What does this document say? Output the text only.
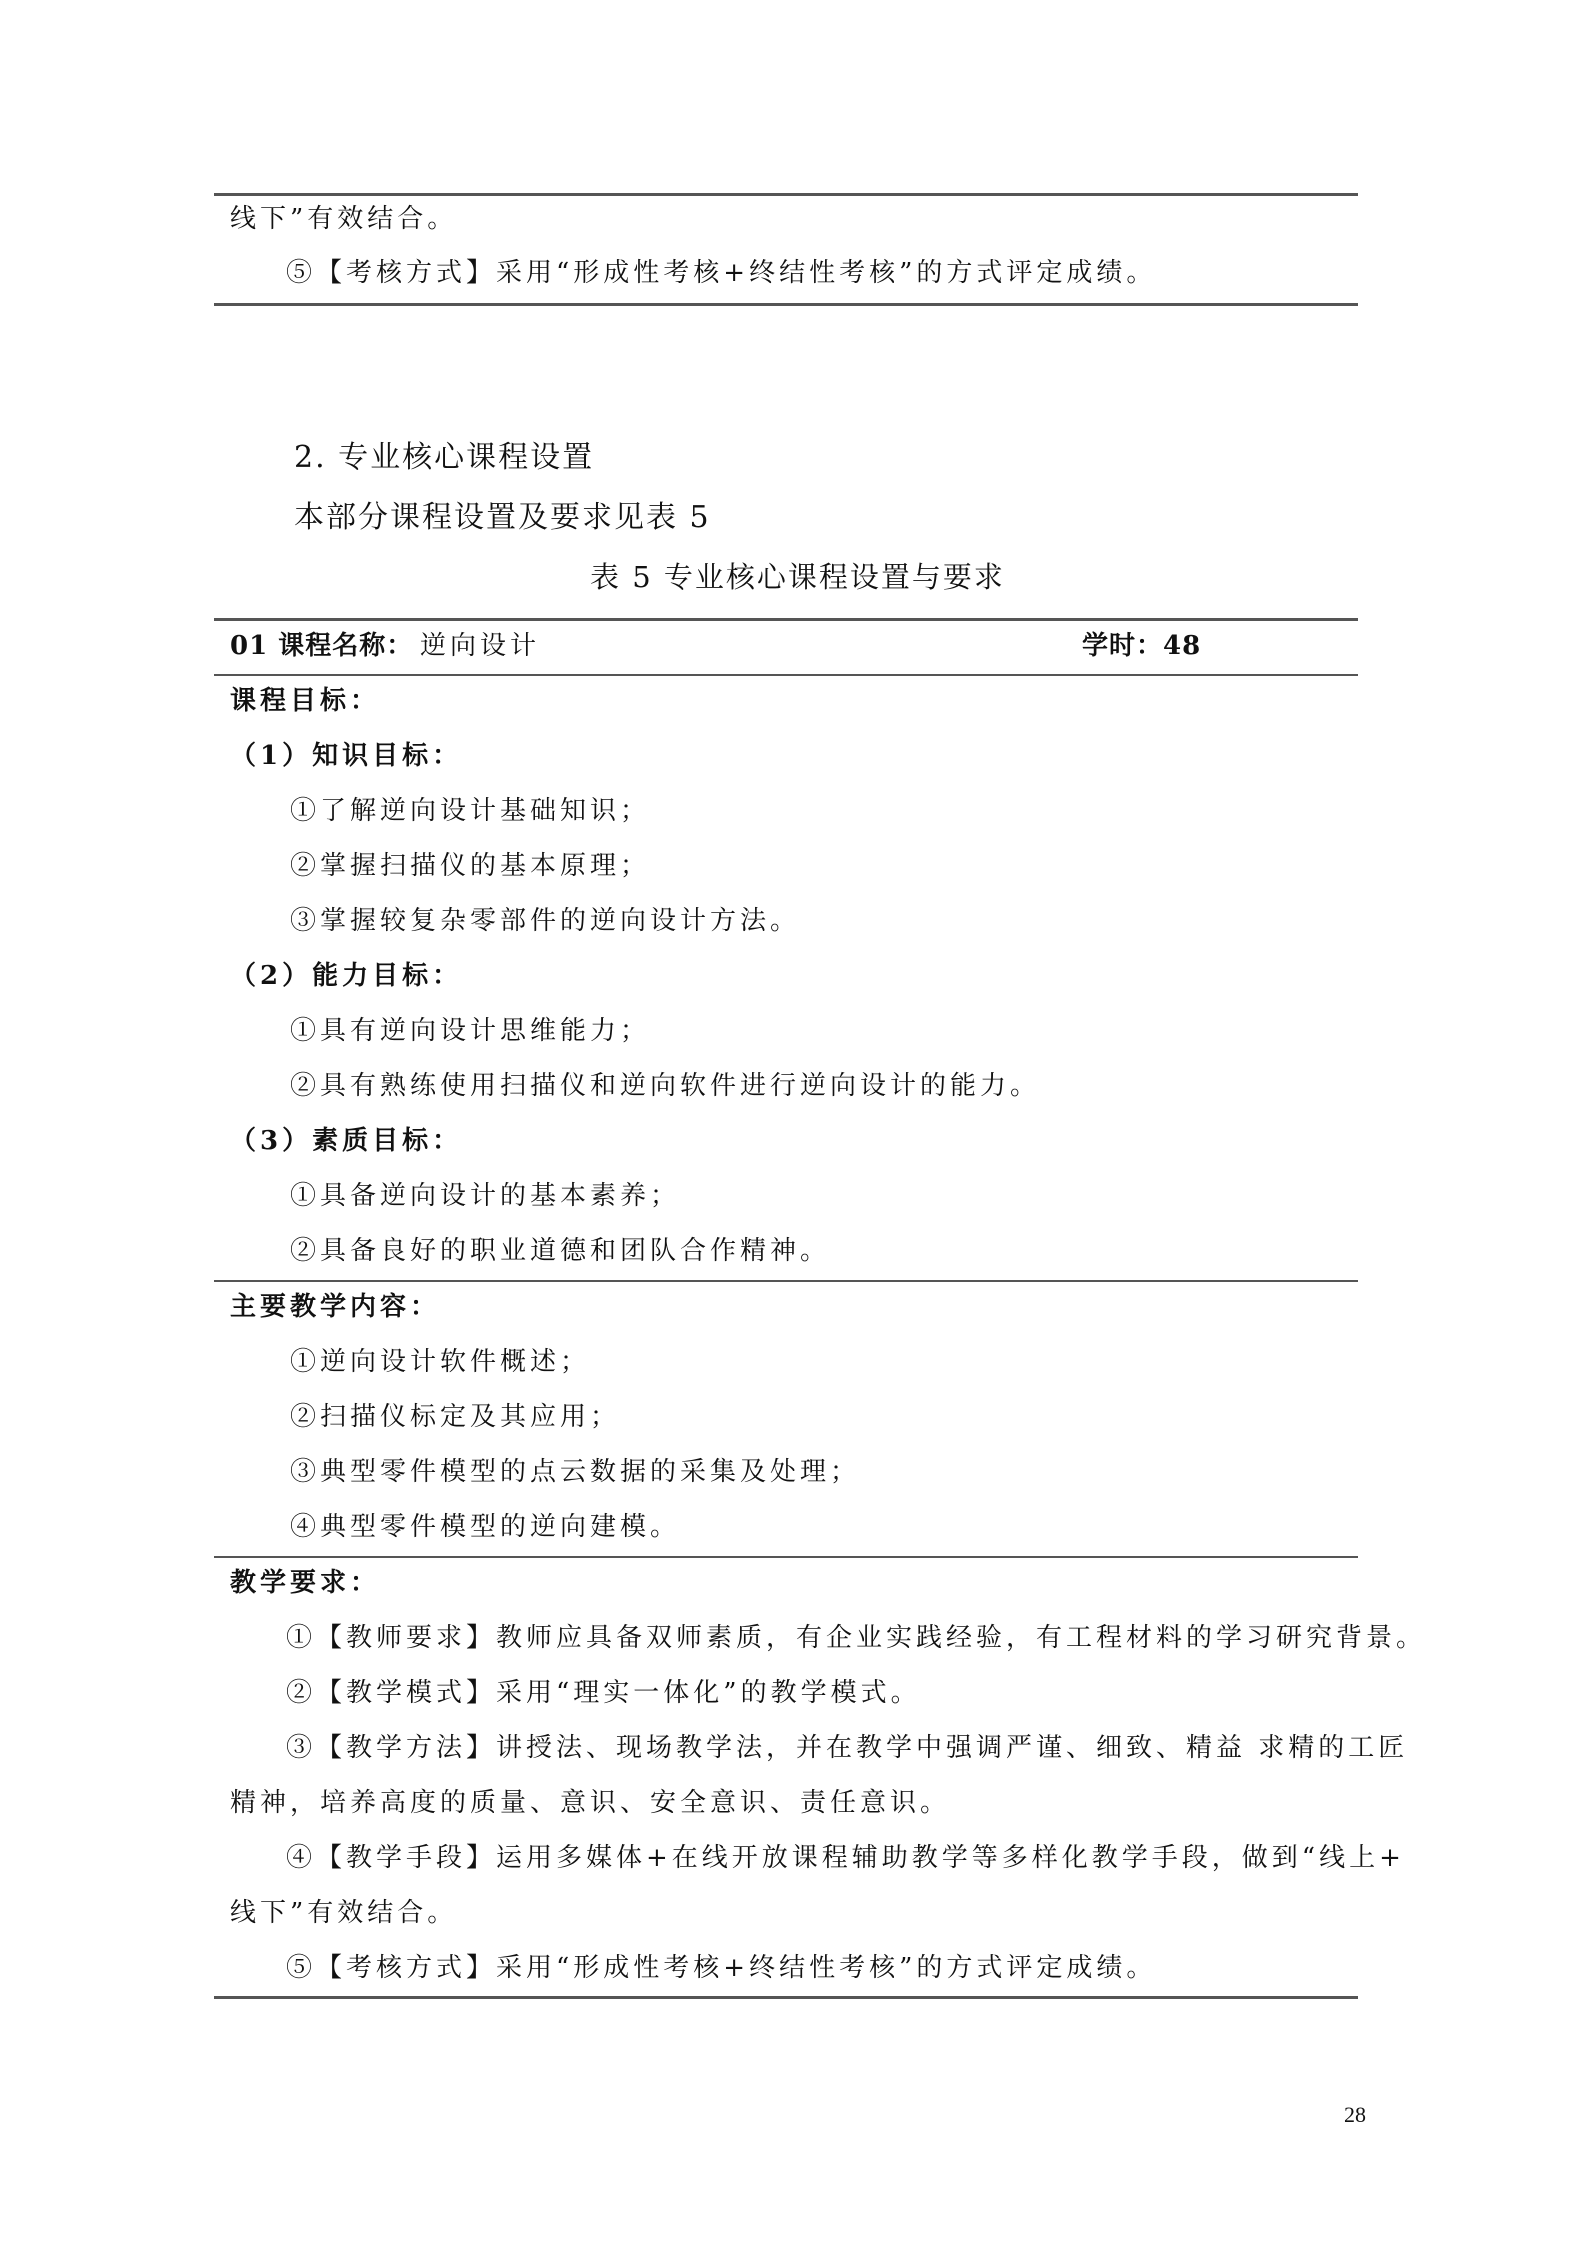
线下”有效结合。
⑤【考核方式】采用“形成性考核+终结性考核”的方式评定成绩。
2. 专业核心课程设置
本部分课程设置及要求见表 5
表 5 专业核心课程设置与要求
01 课程名称： 逆向设计	学时：48
课程目标：
（1）知识目标：
①了解逆向设计基础知识；
②掌握扫描仪的基本原理；
③掌握较复杂零部件的逆向设计方法。
（2）能力目标：
①具有逆向设计思维能力；
②具有熟练使用扫描仪和逆向软件进行逆向设计的能力。
（3）素质目标：
①具备逆向设计的基本素养；
②具备良好的职业道德和团队合作精神。
主要教学内容：
①逆向设计软件概述；
②扫描仪标定及其应用；
③典型零件模型的点云数据的采集及处理；
④典型零件模型的逆向建模。
教学要求：
①【教师要求】教师应具备双师素质，有企业实践经验，有工程材料的学习研究背景。
②【教学模式】采用“理实一体化”的教学模式。
③【教学方法】讲授法、现场教学法，并在教学中强调严谨、细致、精益 求精的工匠
精神，培养高度的质量、意识、安全意识、责任意识。
④【教学手段】运用多媒体+在线开放课程辅助教学等多样化教学手段，做到“线上+
线下”有效结合。
⑤【考核方式】采用“形成性考核+终结性考核”的方式评定成绩。
28
